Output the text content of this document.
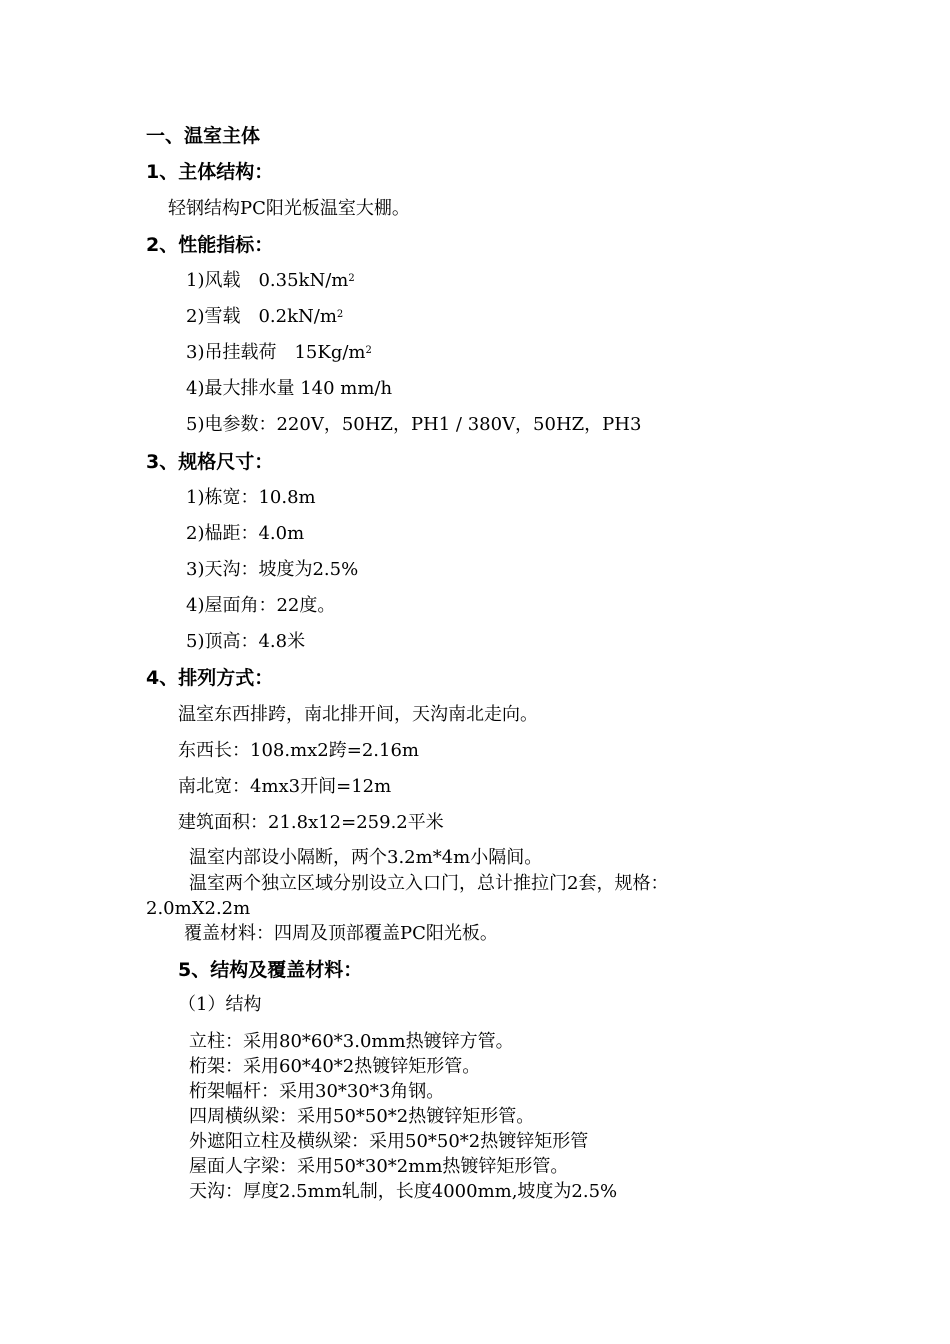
一、温室主体
1、主体结构：
轻钢结构PC阳光板温室大棚。
2、性能指标：
1)风载　$0.35kN/m^2$
2)雪载　$0.2kN/m^2$
3)吊挂载荷　$15Kg/m^2$
4)最大排水量 140 mm/h
5)电参数：220V，50HZ，PH1 / 380V，50HZ，PH3
3、规格尺寸：
1)栋宽：10.8m
2)榀距：4.0m
3)天沟：坡度为2.5%
4)屋面角：22度。
5)顶高：4.8米
4、排列方式：
温室东西排跨，南北排开间，天沟南北走向。
东西长：108.mx2跨=2.16m
南北宽：4mx3开间=12m
建筑面积：21.8x12=259.2平米
温室内部设小隔断，两个3.2m*4m小隔间。
温室两个独立区域分别设立入口门，总计推拉门2套，规格：
2.0mX2.2m
覆盖材料：四周及顶部覆盖PC阳光板。
5、结构及覆盖材料：
（1）结构
立柱：采用80*60*3.0mm热镀锌方管。
桁架：采用60*40*2热镀锌矩形管。
桁架幅杆：采用30*30*3角钢。
四周横纵梁：采用50*50*2热镀锌矩形管。
外遮阳立柱及横纵梁：采用50*50*2热镀锌矩形管
屋面人字梁：采用50*30*2mm热镀锌矩形管。
天沟：厚度2.5mm轧制，长度4000mm,坡度为2.5%
